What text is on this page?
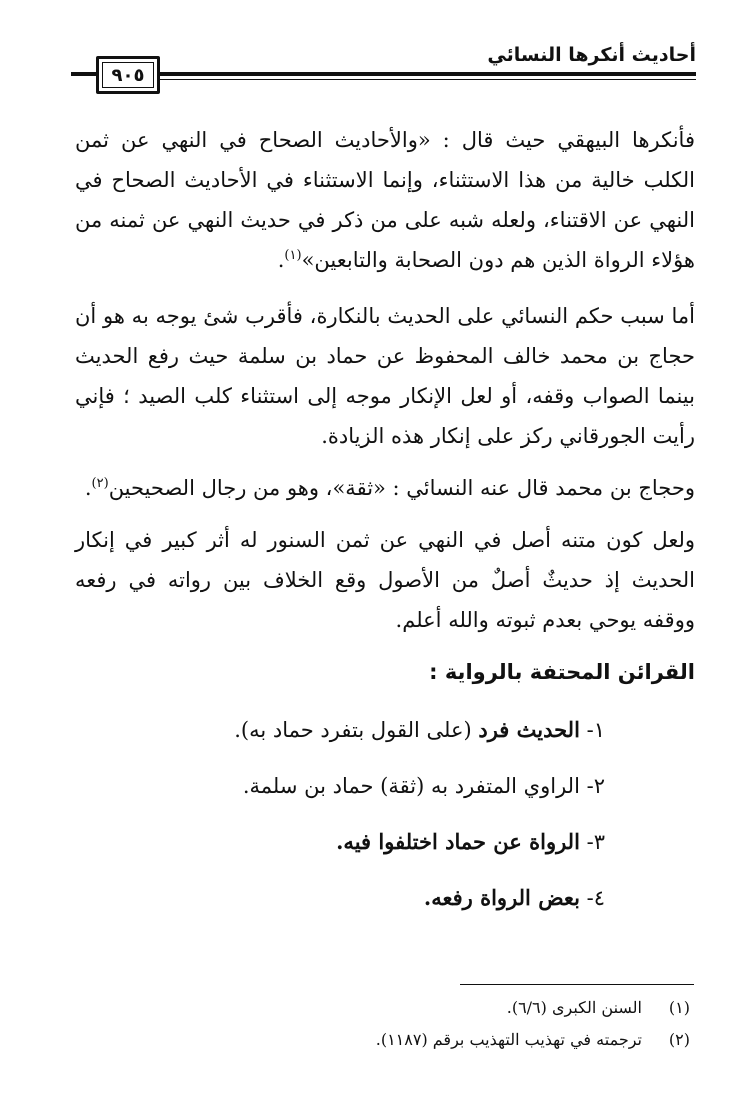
أحاديث أنكرها النسائي
٩٠٥

فأنكرها البيهقي حيث قال : «والأحاديث الصحاح في النهي عن ثمن الكلب خالية من هذا الاستثناء، وإنما الاستثناء في الأحاديث الصحاح في النهي عن الاقتناء، ولعله شبه على من ذكر في حديث النهي عن ثمنه من هؤلاء الرواة الذين هم دون الصحابة والتابعين»$^{(١)}$.

أما سبب حكم النسائي على الحديث بالنكارة، فأقرب شئ يوجه به هو أن حجاج بن محمد خالف المحفوظ عن حماد بن سلمة حيث رفع الحديث بينما الصواب وقفه، أو لعل الإنكار موجه إلى استثناء كلب الصيد ؛ فإني رأيت الجورقاني ركز على إنكار هذه الزيادة.

وحجاج بن محمد قال عنه النسائي : «ثقة»، وهو من رجال الصحيحين$^{(٢)}$.

ولعل كون متنه أصل في النهي عن ثمن السنور له أثر كبير في إنكار الحديث إذ حديثٌ أصلٌ من الأصول وقع الخلاف بين رواته في رفعه ووقفه يوحي بعدم ثبوته والله أعلم.

القرائن المحتفة بالرواية :
١- الحديث فرد (على القول بتفرد حماد به).
٢- الراوي المتفرد به (ثقة) حماد بن سلمة.
٣- الرواة عن حماد اختلفوا فيه.
٤- بعض الرواة رفعه.
(١)
السنن الكبرى (٦/٦).
(٢)
ترجمته في تهذيب التهذيب برقم (١١٨٧).
